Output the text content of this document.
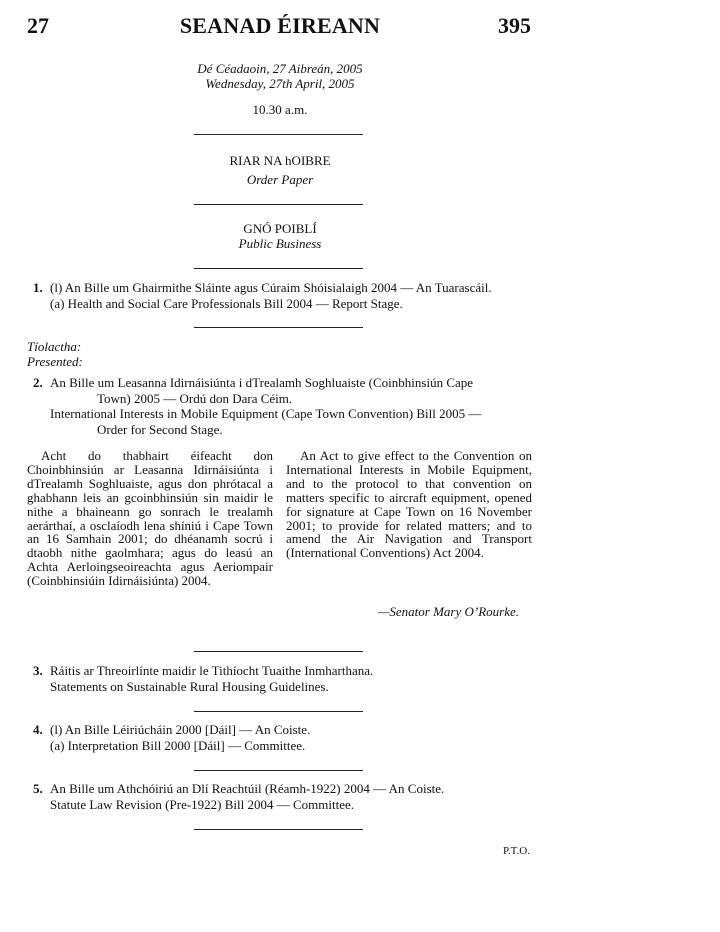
27	SEANAD ÉIREANN	395
Dé Céadaoin, 27 Aibreán, 2005
Wednesday, 27th April, 2005
10.30 a.m.
RIAR NA hOIBRE
Order Paper
GNÓ POIBLÍ
Public Business
1. (l) An Bille um Ghairmithe Sláinte agus Cúraim Shóisialaigh 2004 — An Tuarascáil.
(a) Health and Social Care Professionals Bill 2004 — Report Stage.
Tíolactha:
Presented:
2. An Bille um Leasanna Idirnáisiúnta i dTrealamh Soghluaiste (Coinbhinsiún Cape
Town) 2005 — Ordú don Dara Céim.
International Interests in Mobile Equipment (Cape Town Convention) Bill 2005 —
Order for Second Stage.

Acht do thabhairt éifeacht don Choinbhinsiún ar Leasanna Idirnáisiúnta i dTrealamh Soghluaiste, agus don phrótacal a ghabhann leis an gcoinbhinsiún sin maidir le nithe a bhaineann go sonrach le trealamh aerárthaí, a osclaíodh lena shíniú i Cape Town an 16 Samhain 2001; do dhéanamh socrú i dtaobh nithe gaolmhara; agus do leasú an Achta Aerloingseoireachta agus Aeriompair (Coinbhinsiúin Idirnáisiúnta) 2004.

An Act to give effect to the Convention on International Interests in Mobile Equipment, and to the protocol to that convention on matters specific to aircraft equipment, opened for signature at Cape Town on 16 November 2001; to provide for related matters; and to amend the Air Navigation and Transport (International Conventions) Act 2004.

—Senator Mary O’Rourke.
3. Ráitis ar Threoirlínte maidir le Tithíocht Tuaithe Inmharthana.
Statements on Sustainable Rural Housing Guidelines.
4. (l) An Bille Léiriúcháin 2000 [Dáil] — An Coiste.
(a) Interpretation Bill 2000 [Dáil] — Committee.
5. An Bille um Athchóiriú an Dlí Reachtúil (Réamh-1922) 2004 — An Coiste.
Statute Law Revision (Pre-1922) Bill 2004 — Committee.
P.T.O.
